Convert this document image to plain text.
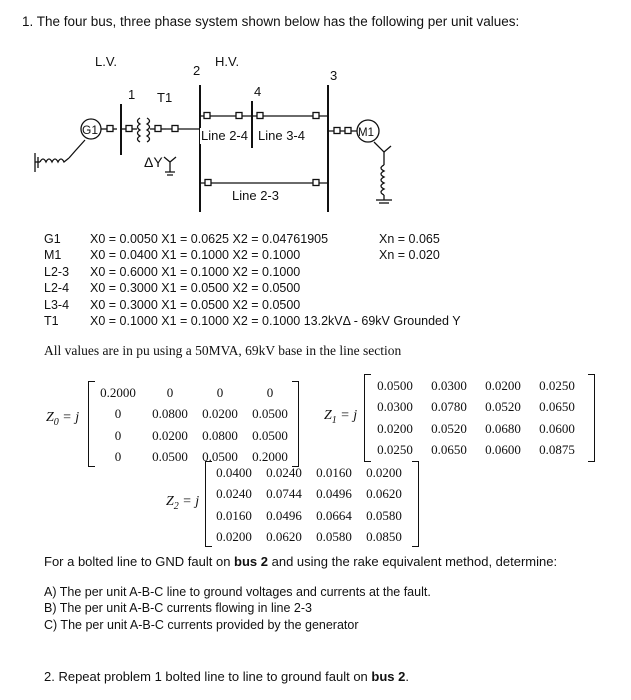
1. The four bus, three phase system shown below has the following per unit values:
L.V.	H.V.
1
2	3
4
T1
G1	M1
Line 2-4 Line 3-4
Line 2-3
ΔY
G1	X0 = 0.0050 X1 = 0.0625 X2 = 0.04761905	Xn = 0.065
M1	X0 = 0.0400 X1 = 0.1000 X2 = 0.1000	Xn = 0.020
L2-3	X0 = 0.6000 X1 = 0.1000 X2 = 0.1000
L2-4	X0 = 0.3000 X1 = 0.0500 X2 = 0.0500
L3-4	X0 = 0.3000 X1 = 0.0500 X2 = 0.0500
T1	X0 = 0.1000 X1 = 0.1000 X2 = 0.1000 13.2kVΔ - 69kV Grounded Y
All values are in pu using a 50MVA, 69kV base in the line section
$Z_0 = j$
0.2000	0	0	0
0	0.0800	0.0200	0.0500
0	0.0200	0.0800	0.0500
0	0.0500	0.0500	0.2000
$Z_1 = j$
0.0500	0.0300	0.0200	0.0250
0.0300	0.0780	0.0520	0.0650
0.0200	0.0520	0.0680	0.0600
0.0250	0.0650	0.0600	0.0875
$Z_2 = j$
0.0400	0.0240	0.0160	0.0200
0.0240	0.0744	0.0496	0.0620
0.0160	0.0496	0.0664	0.0580
0.0200	0.0620	0.0580	0.0850
For a bolted line to GND fault on bus 2 and using the rake equivalent method, determine:
A) The per unit A-B-C line to ground voltages and currents at the fault.
B) The per unit A-B-C currents flowing in line 2-3
C) The per unit A-B-C currents provided by the generator
2. Repeat problem 1 bolted line to line to ground fault on bus 2.
